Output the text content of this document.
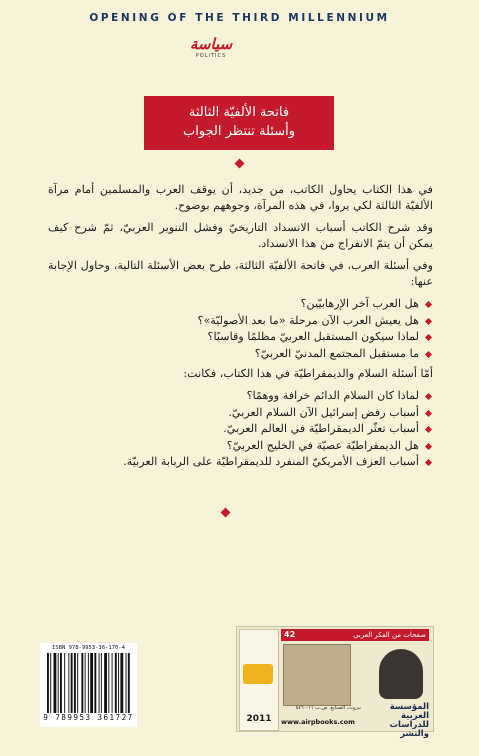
OPENING OF THE THIRD MILLENNIUM
سياسة
POLITICS
فاتحة الألفيّة الثالثة
وأسئلة تنتظر الجواب

في هذا الكتاب يحاول الكاتب، من جديد، أن يوقف العرب والمسلمين أمام مرآة الألفيّة الثالثة لكي يروا، في هذه المرآة، وجوههم بوضوح.

وقد شرح الكاتب أسباب الانسداد التاريخيّ وفشل التنوير العربيّ، ثمّ شرح كيف يمكن أن يتمّ الانفراج من هذا الانسداد.

وفي أسئلة العرب، في فاتحة الألفيّة الثالثة، طرح بعض الأسئلة التالية، وحاول الإجابة عنها:

هل العرب آخر الإرهابيّين؟
هل يعيش العرب الآن مرحلة «ما بعد الأصوليّة»؟
لماذا سيكون المستقبل العربيّ مظلمًا وقاسيًا؟
ما مستقبل المجتمع المدنيّ العربيّ؟

أمّا أسئلة السلام والديمقراطيّة في هذا الكتاب، فكانت:

لماذا كان السلام الدائم خرافة ووهمًا؟
أسباب رفض إسرائيل الآن السلام العربيّ.
أسباب تعثّر الديمقراطيّة في العالم العربيّ.
هل الديمقراطيّة عصيّة في الخليج العربيّ؟
أسباب العزف الأمريكيّ المنفرد للديمقراطيّة على الربابة العربيّة.
ISBN 978-9953-36-170-4
9 789953 361727	2011
42	صفحات من الفكر العربي
المؤسسة العربية
للدراسات والنشر
بيروت، الصنايع، ص.ب ١١-٥٤٦٠
www.airpbooks.com
